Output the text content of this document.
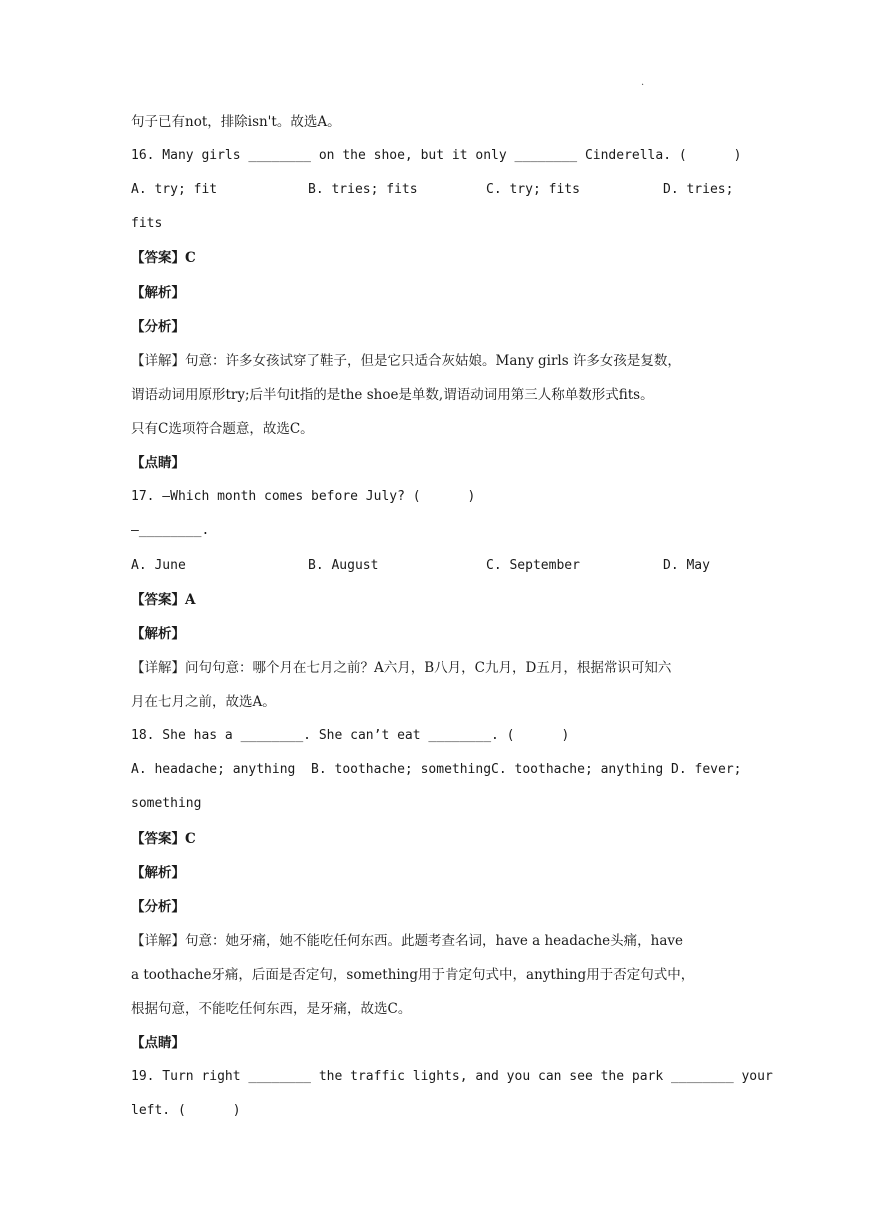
·
句子已有not，排除isn't。故选A。
16. Many girls ________ on the shoe, but it only ________ Cinderella. (      )
A. try; fit	B. tries; fits	C. try; fits	D. tries;
fits
【答案】C
【解析】
【分析】
【详解】句意：许多女孩试穿了鞋子，但是它只适合灰姑娘。Many girls 许多女孩是复数，
谓语动词用原形try;后半句it指的是the shoe是单数,谓语动词用第三人称单数形式fits。
只有C选项符合题意，故选C。
【点睛】
17. —Which month comes before July? (      )
—________.
A. June	B. August	C. September	D. May
【答案】A
【解析】
【详解】问句句意：哪个月在七月之前？A六月，B八月，C九月，D五月，根据常识可知六
月在七月之前，故选A。
18. She has a ________. She can’t eat ________. (      )
A. headache; anything  B. toothache; somethingC. toothache; anything D. fever;
something
【答案】C
【解析】
【分析】
【详解】句意：她牙痛，她不能吃任何东西。此题考查名词，have a headache头痛，have
a toothache牙痛，后面是否定句，something用于肯定句式中，anything用于否定句式中，
根据句意，不能吃任何东西，是牙痛，故选C。
【点睛】
19. Turn right ________ the traffic lights, and you can see the park ________ your
left. (      )
